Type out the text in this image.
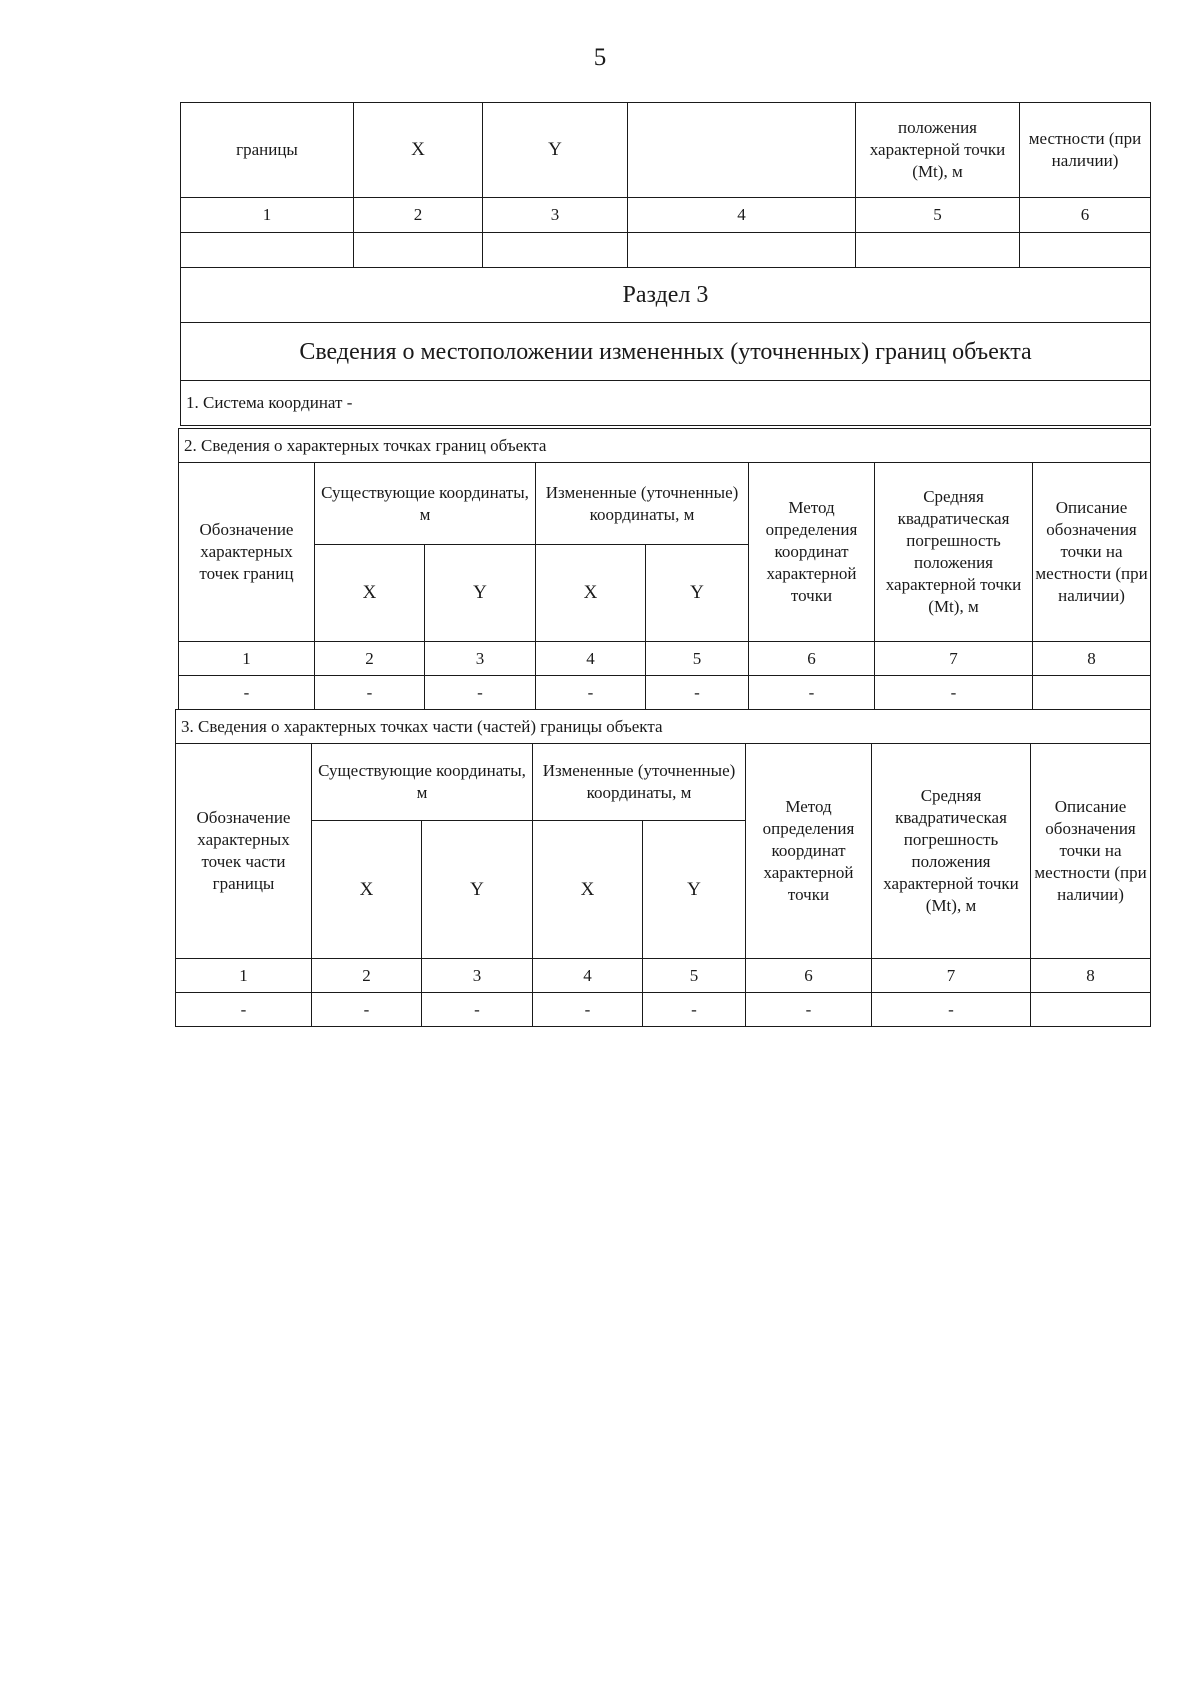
5
границы	X	Y		положения характерной точки (Mt), м	местности (при наличии)
1	2	3	4	5	6

Раздел 3					
Сведения о местоположении измененных (уточненных) границ объекта					
1. Система координат -					
2. Сведения о характерных точках границ объекта							
Обозначение характерных точек границ	Существующие координаты, м		Измененные (уточненные) координаты, м		Метод определения координат характерной точки	Средняя квадратическая погрешность положения характерной точки (Mt), м	Описание обозначения точки на местности (при наличии)
	X	Y	X	Y			
1	2	3	4	5	6	7	8
-	-	-	-	-	-	-	
3. Сведения о характерных точках части (частей) границы объекта							
Обозначение характерных точек части границы	Существующие координаты, м		Измененные (уточненные) координаты, м		Метод определения координат характерной точки	Средняя квадратическая погрешность положения характерной точки (Mt), м	Описание обозначения точки на местности (при наличии)
	X	Y	X	Y			
1	2	3	4	5	6	7	8
-	-	-	-	-	-	-	
